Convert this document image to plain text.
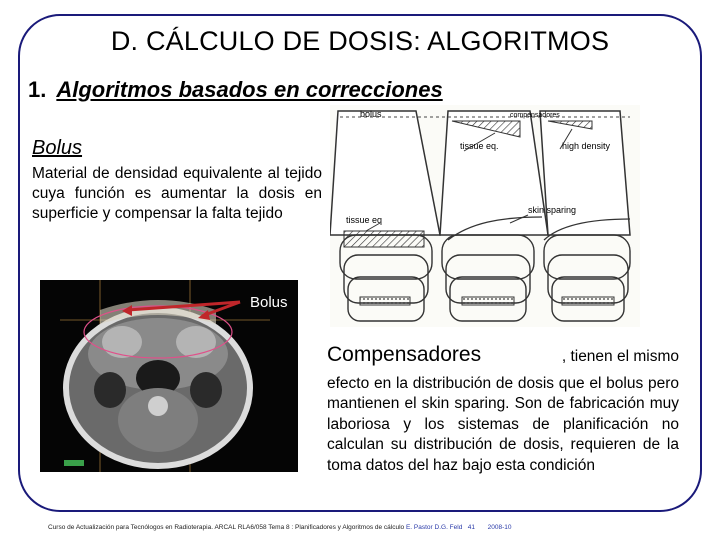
D. CÁLCULO DE DOSIS: ALGORITMOS
1. Algoritmos basados en correcciones
Bolus
Material de densidad equivalente al tejido cuya función es aumentar la dosis en superficie y compensar la falta tejido
bolus	compensadores
tissue eq.	high density
tissue eq
skin sparing
Bolus
Compensadores	, tienen el mismo
efecto en la distribución de dosis que el bolus pero mantienen el skin sparing. Son de fabricación muy laboriosa y los sistemas de planificación no calculan su distribución de dosis, requieren de la toma datos del haz bajo esta condición
Curso de Actualización para Tecnólogos en Radioterapia. ARCAL RLA6/058 Tema 8 : Planificadores y Algoritmos de cálculo E. Pastor D.G. Feld 41 2008-10
